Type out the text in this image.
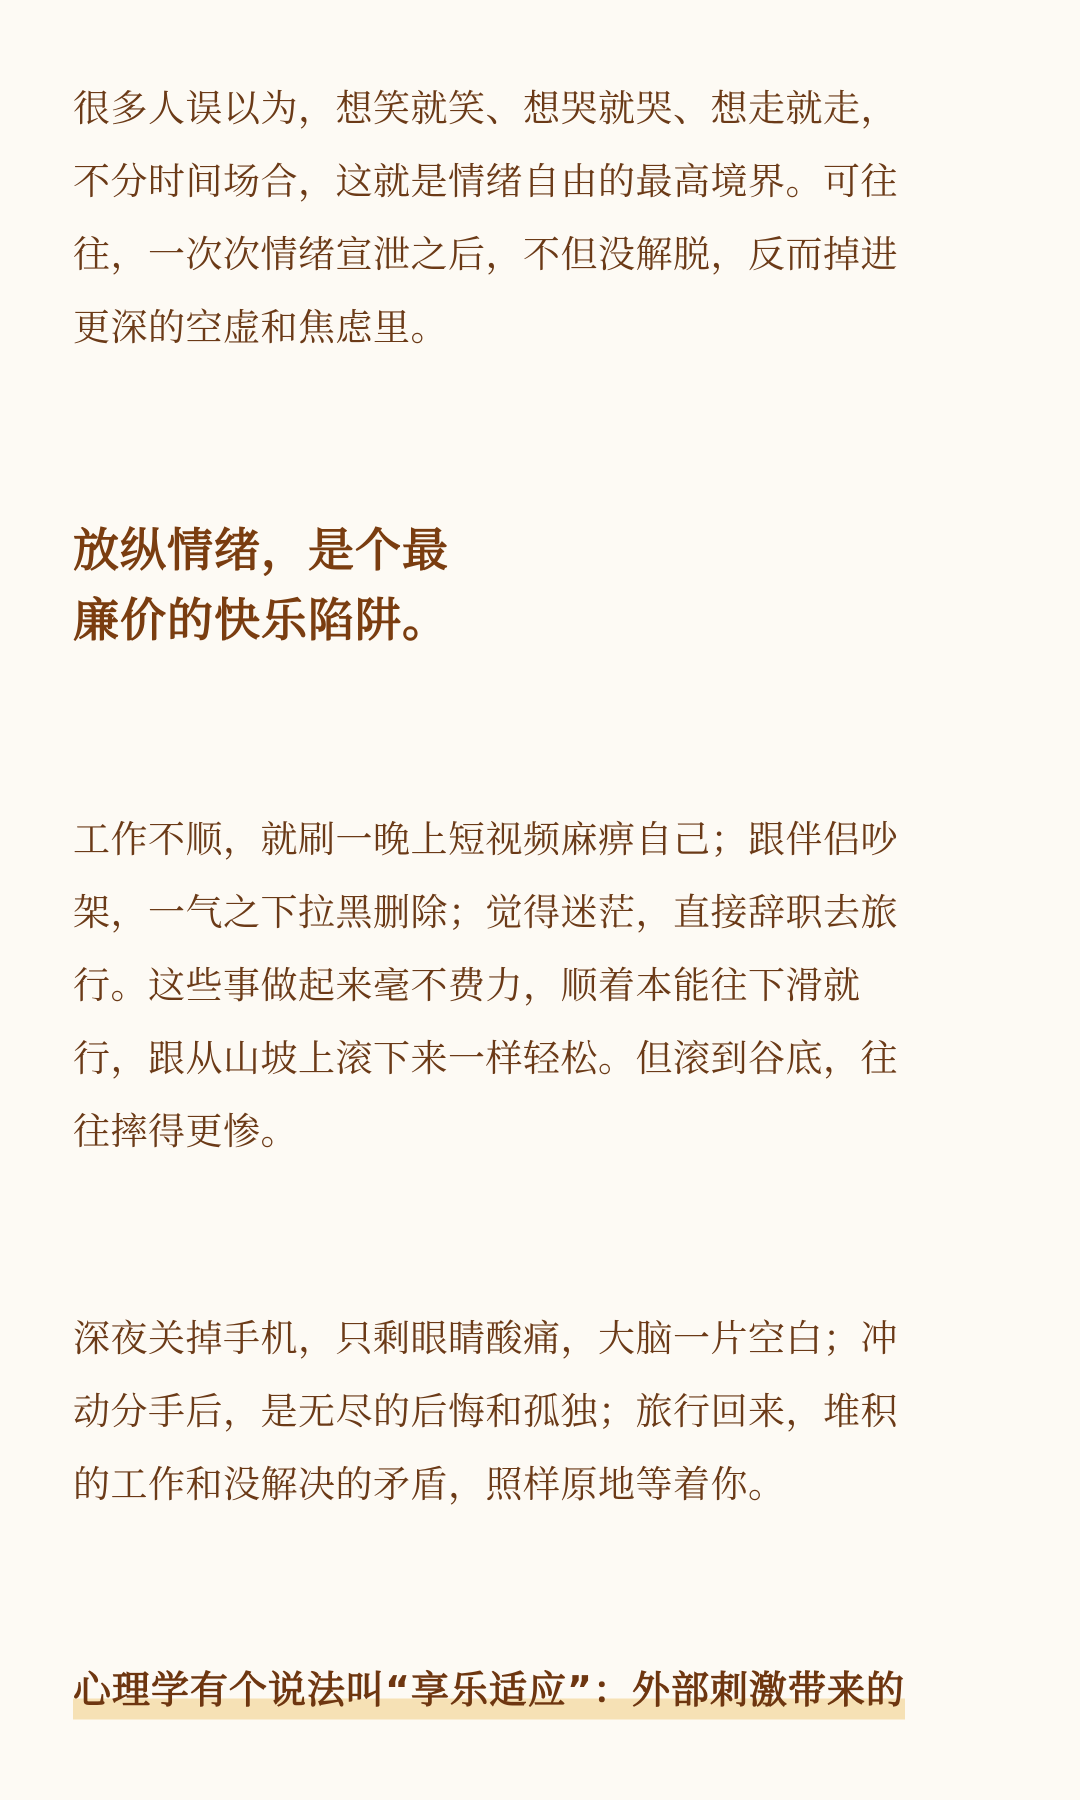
很多人误以为，想笑就笑、想哭就哭、想走就走，
不分时间场合，这就是情绪自由的最高境界。可往
往，一次次情绪宣泄之后，不但没解脱，反而掉进
更深的空虚和焦虑里。
放纵情绪，是个最
廉价的快乐陷阱。
工作不顺，就刷一晚上短视频麻痹自己；跟伴侣吵
架，一气之下拉黑删除；觉得迷茫，直接辞职去旅
行。这些事做起来毫不费力，顺着本能往下滑就
行，跟从山坡上滚下来一样轻松。但滚到谷底，往
往摔得更惨。
深夜关掉手机，只剩眼睛酸痛，大脑一片空白；冲
动分手后，是无尽的后悔和孤独；旅行回来，堆积
的工作和没解决的矛盾，照样原地等着你。
心理学有个说法叫“享乐适应”：外部刺激带来的
